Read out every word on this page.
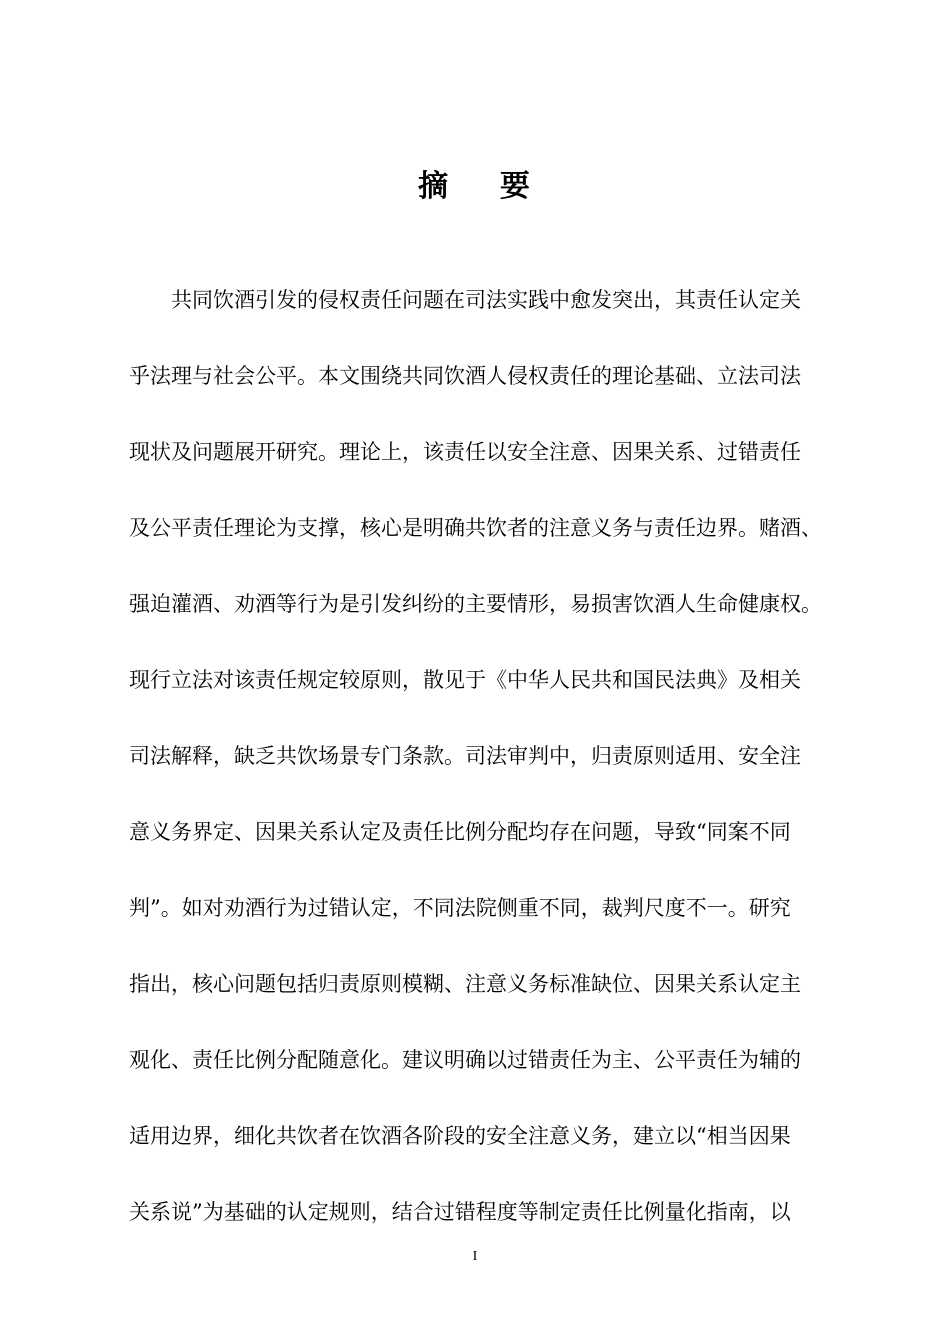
摘    要
共同饮酒引发的侵权责任问题在司法实践中愈发突出，其责任认定关
乎法理与社会公平。本文围绕共同饮酒人侵权责任的理论基础、立法司法
现状及问题展开研究。理论上，该责任以安全注意、因果关系、过错责任
及公平责任理论为支撑，核心是明确共饮者的注意义务与责任边界。赌酒、
强迫灌酒、劝酒等行为是引发纠纷的主要情形，易损害饮酒人生命健康权。
现行立法对该责任规定较原则，散见于《中华人民共和国民法典》及相关
司法解释，缺乏共饮场景专门条款。司法审判中，归责原则适用、安全注
意义务界定、因果关系认定及责任比例分配均存在问题，导致“同案不同
判”。如对劝酒行为过错认定，不同法院侧重不同，裁判尺度不一。研究
指出，核心问题包括归责原则模糊、注意义务标准缺位、因果关系认定主
观化、责任比例分配随意化。建议明确以过错责任为主、公平责任为辅的
适用边界，细化共饮者在饮酒各阶段的安全注意义务，建立以“相当因果
关系说”为基础的认定规则，结合过错程度等制定责任比例量化指南，以
I
